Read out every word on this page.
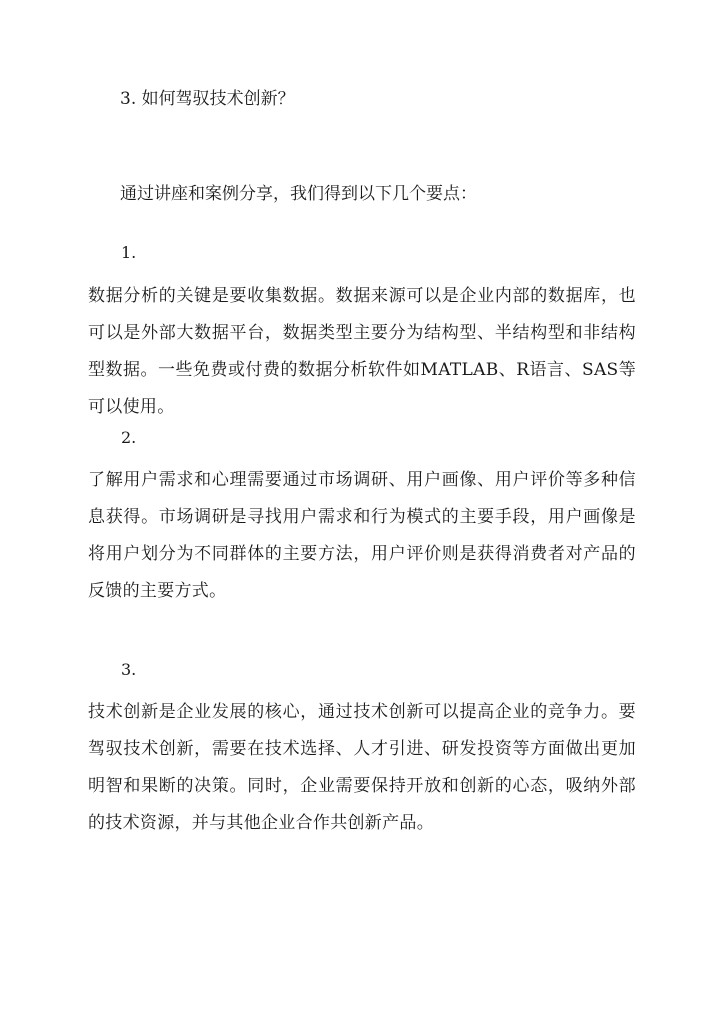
3. 如何驾驭技术创新？
通过讲座和案例分享，我们得到以下几个要点：
1.
数据分析的关键是要收集数据。数据来源可以是企业内部的数据库，也可以是外部大数据平台，数据类型主要分为结构型、半结构型和非结构型数据。一些免费或付费的数据分析软件如MATLAB、R语言、SAS等可以使用。
2.
了解用户需求和心理需要通过市场调研、用户画像、用户评价等多种信息获得。市场调研是寻找用户需求和行为模式的主要手段，用户画像是将用户划分为不同群体的主要方法，用户评价则是获得消费者对产品的反馈的主要方式。
3.
技术创新是企业发展的核心，通过技术创新可以提高企业的竞争力。要驾驭技术创新，需要在技术选择、人才引进、研发投资等方面做出更加明智和果断的决策。同时，企业需要保持开放和创新的心态，吸纳外部的技术资源，并与其他企业合作共创新产品。
